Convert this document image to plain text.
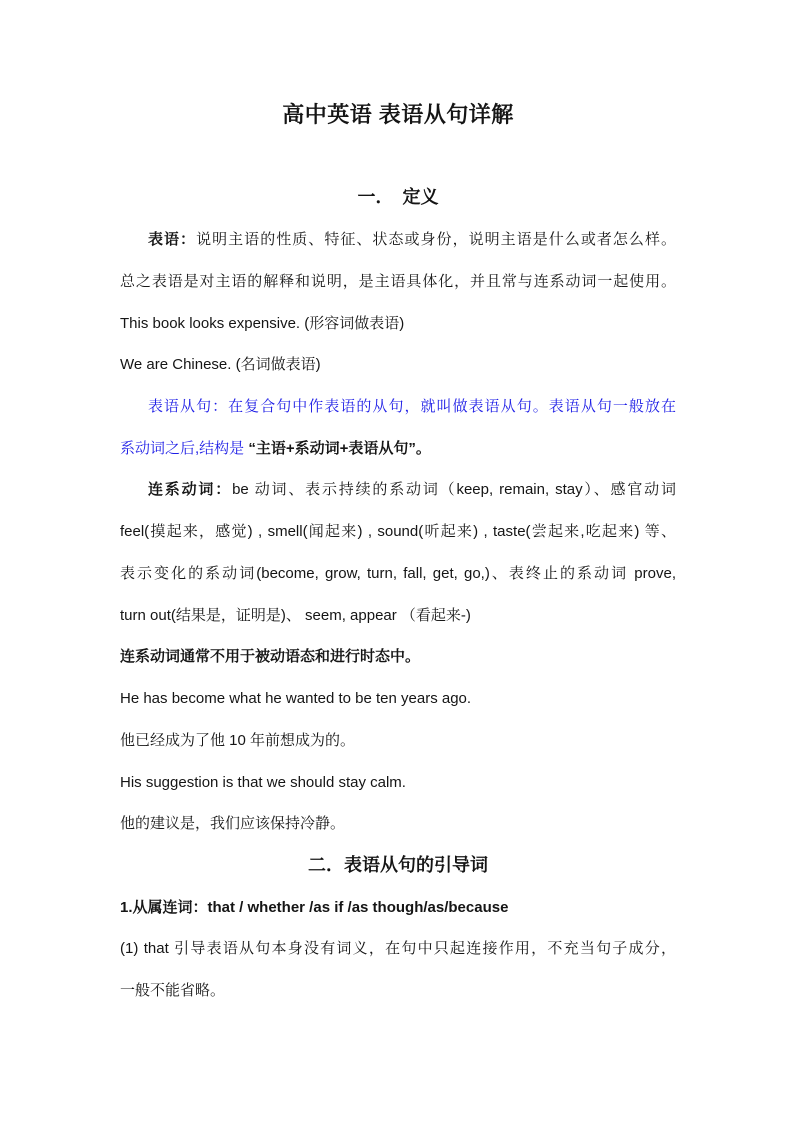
高中英语 表语从句详解
一．　定义
表语：说明主语的性质、特征、状态或身份，说明主语是什么或者怎么样。
总之表语是对主语的解释和说明，是主语具体化，并且常与连系动词一起使用。
This book looks expensive. (形容词做表语)
We are Chinese. (名词做表语)
表语从句：在复合句中作表语的从句，就叫做表语从句。表语从句一般放在
系动词之后,结构是 “主语+系动词+表语从句”。
连系动词：be 动词、表示持续的系动词（keep, remain, stay）、感官动词
feel(摸起来，感觉) , smell(闻起来) , sound(听起来) , taste(尝起来,吃起来) 等、
表示变化的系动词(become, grow, turn, fall, get, go,)、表终止的系动词 prove,
turn out(结果是，证明是)、 seem, appear （看起来-)
连系动词通常不用于被动语态和进行时态中。
He has become what he wanted to be ten years ago.
他已经成为了他 10 年前想成为的。
His suggestion is that we should stay calm.
他的建议是，我们应该保持冷静。
二．表语从句的引导词
1.从属连词：that / whether /as if /as though/as/because
(1) that 引导表语从句本身没有词义，在句中只起连接作用，不充当句子成分，
一般不能省略。
